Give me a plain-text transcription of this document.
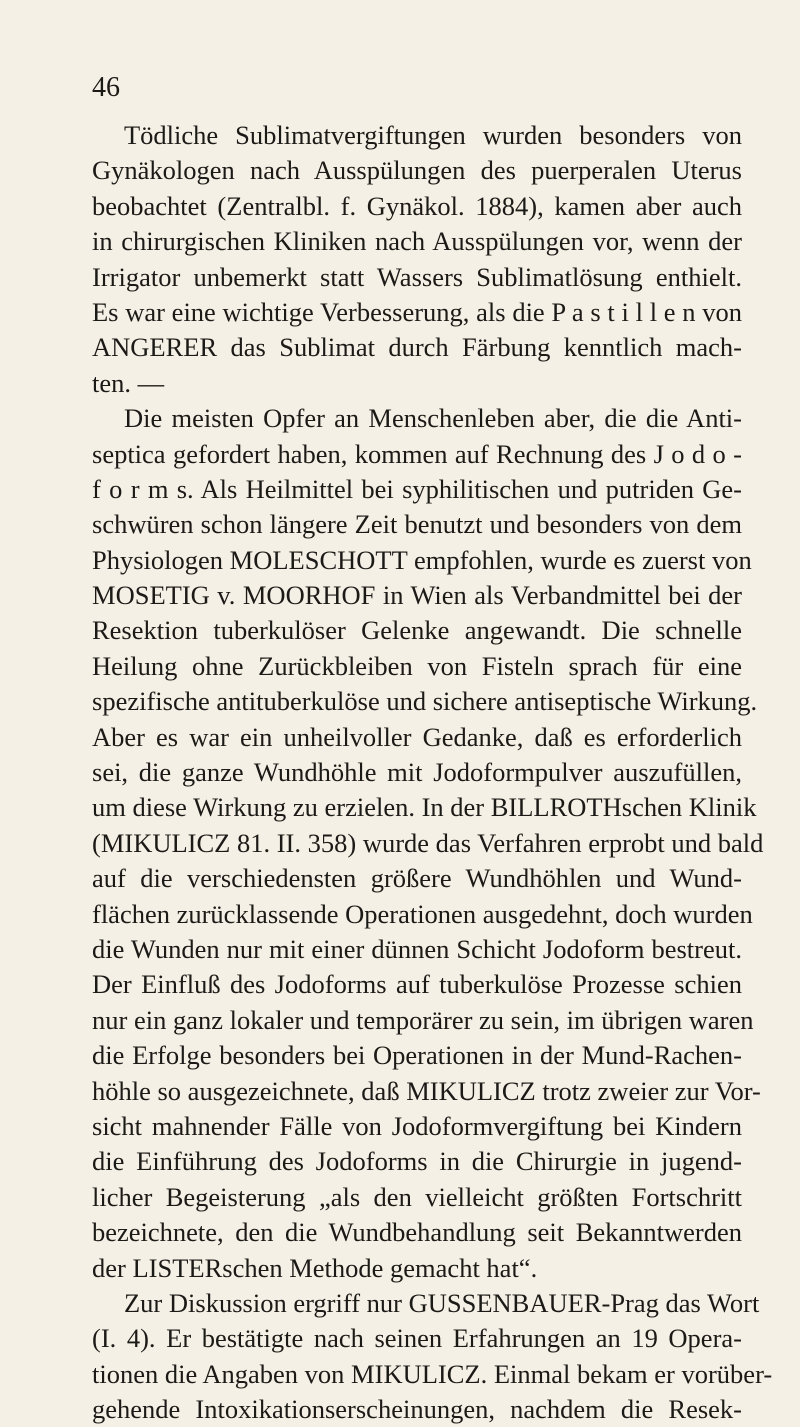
46
Tödliche Sublimatvergiftungen wurden besonders von
Gynäkologen nach Ausspülungen des puerperalen Uterus
beobachtet (Zentralbl. f. Gynäkol. 1884), kamen aber auch
in chirurgischen Kliniken nach Ausspülungen vor, wenn der
Irrigator unbemerkt statt Wassers Sublimatlösung enthielt.
Es war eine wichtige Verbesserung, als die P a s t i l l e n von
ANGERER das Sublimat durch Färbung kenntlich mach-
ten. —
Die meisten Opfer an Menschenleben aber, die die Anti-
septica gefordert haben, kommen auf Rechnung des J o d o -
f o r m s. Als Heilmittel bei syphilitischen und putriden Ge-
schwüren schon längere Zeit benutzt und besonders von dem
Physiologen MOLESCHOTT empfohlen, wurde es zuerst von
MOSETIG v. MOORHOF in Wien als Verbandmittel bei der
Resektion tuberkulöser Gelenke angewandt. Die schnelle
Heilung ohne Zurückbleiben von Fisteln sprach für eine
spezifische antituberkulöse und sichere antiseptische Wirkung.
Aber es war ein unheilvoller Gedanke, daß es erforderlich
sei, die ganze Wundhöhle mit Jodoformpulver auszufüllen,
um diese Wirkung zu erzielen. In der BILLROTHschen Klinik
(MIKULICZ 81. II. 358) wurde das Verfahren erprobt und bald
auf die verschiedensten größere Wundhöhlen und Wund-
flächen zurücklassende Operationen ausgedehnt, doch wurden
die Wunden nur mit einer dünnen Schicht Jodoform bestreut.
Der Einfluß des Jodoforms auf tuberkulöse Prozesse schien
nur ein ganz lokaler und temporärer zu sein, im übrigen waren
die Erfolge besonders bei Operationen in der Mund-Rachen-
höhle so ausgezeichnete, daß MIKULICZ trotz zweier zur Vor-
sicht mahnender Fälle von Jodoformvergiftung bei Kindern
die Einführung des Jodoforms in die Chirurgie in jugend-
licher Begeisterung „als den vielleicht größten Fortschritt
bezeichnete, den die Wundbehandlung seit Bekanntwerden
der LISTERschen Methode gemacht hat“.
Zur Diskussion ergriff nur GUSSENBAUER-Prag das Wort
(I. 4). Er bestätigte nach seinen Erfahrungen an 19 Opera-
tionen die Angaben von MIKULICZ. Einmal bekam er vorüber-
gehende Intoxikationserscheinungen, nachdem die Resek-
